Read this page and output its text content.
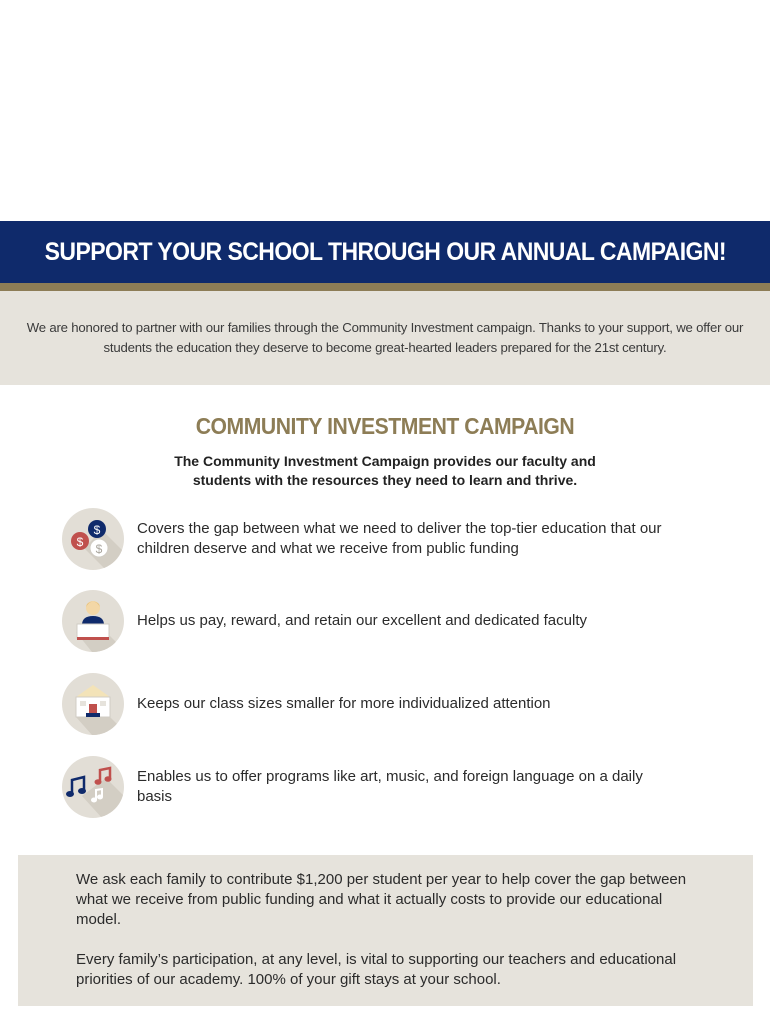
SUPPORT YOUR SCHOOL THROUGH OUR ANNUAL CAMPAIGN!

We are honored to partner with our families through the Community Investment campaign. Thanks to your support, we offer our students the education they deserve to become great-hearted leaders prepared for the 21st century.

COMMUNITY INVESTMENT CAMPAIGN
The Community Investment Campaign provides our faculty and students with the resources they need to learn and thrive.
$
$
$
Covers the gap between what we need to deliver the top-tier education that our children deserve and what we receive from public funding
Helps us pay, reward, and retain our excellent and dedicated faculty
Keeps our class sizes smaller for more individualized attention
Enables us to offer programs like art, music, and foreign language on a daily basis

We ask each family to contribute $1,200 per student per year to help cover the gap between what we receive from public funding and what it actually costs to provide our educational model.

Every family’s participation, at any level, is vital to supporting our teachers and educational priorities of our academy. 100% of your gift stays at your school.
